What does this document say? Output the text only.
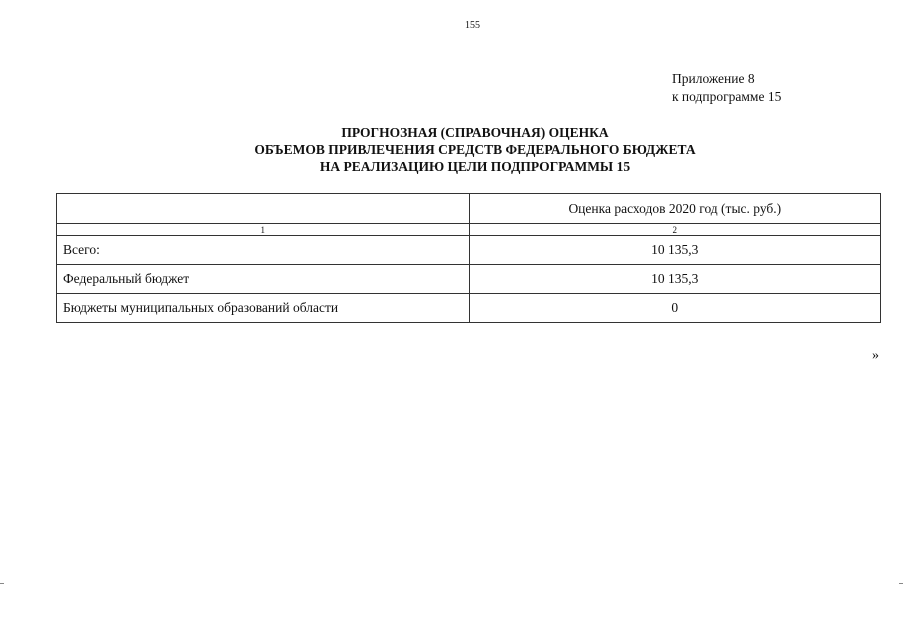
155
Приложение 8
к подпрограмме 15
ПРОГНОЗНАЯ (СПРАВОЧНАЯ) ОЦЕНКА
ОБЪЕМОВ ПРИВЛЕЧЕНИЯ СРЕДСТВ ФЕДЕРАЛЬНОГО БЮДЖЕТА
НА РЕАЛИЗАЦИЮ ЦЕЛИ ПОДПРОГРАММЫ 15
	Оценка расходов 2020 год (тыс. руб.)
1	2
Всего:	10 135,3
Федеральный бюджет	10 135,3
Бюджеты муниципальных образований области	0
»
